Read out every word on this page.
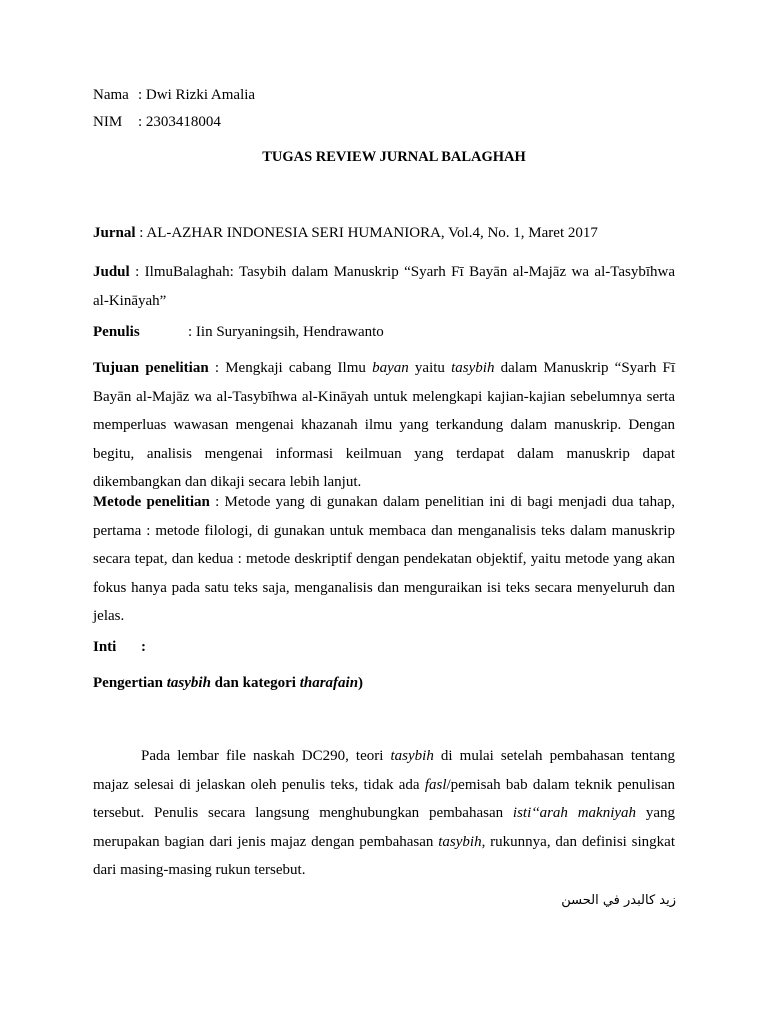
Nama : Dwi Rizki Amalia
NIM : 2303418004
TUGAS REVIEW JURNAL BALAGHAH
Jurnal : AL-AZHAR INDONESIA SERI HUMANIORA, Vol.4, No. 1, Maret 2017

Judul : IlmuBalaghah: Tasybih dalam Manuskrip “Syarh Fī Bayān al-Majāz wa al-Tasybīhwa al-Kināyah”

Penulis	: Iin Suryaningsih, Hendrawanto

Tujuan penelitian : Mengkaji cabang Ilmu bayan yaitu tasybih dalam Manuskrip “Syarh Fī Bayān al-Majāz wa al-Tasybīhwa al-Kināyah untuk melengkapi kajian-kajian sebelumnya serta memperluas wawasan mengenai khazanah ilmu yang terkandung dalam manuskrip. Dengan begitu, analisis mengenai informasi keilmuan yang terdapat dalam manuskrip dapat dikembangkan dan dikaji secara lebih lanjut.

Metode penelitian : Metode yang di gunakan dalam penelitian ini di bagi menjadi dua tahap, pertama : metode filologi, di gunakan untuk membaca dan menganalisis teks dalam manuskrip secara tepat, dan kedua : metode deskriptif dengan pendekatan objektif, yaitu metode yang akan fokus hanya pada satu teks saja, menganalisis dan menguraikan isi teks secara menyeluruh dan jelas.

Inti :
Pengertian tasybih dan kategori tharafain)

Pada lembar file naskah DC290, teori tasybih di mulai setelah pembahasan tentang majaz selesai di jelaskan oleh penulis teks, tidak ada fasl/pemisah bab dalam teknik penulisan tersebut. Penulis secara langsung menghubungkan pembahasan isti‘‘arah makniyah yang merupakan bagian dari jenis majaz dengan pembahasan tasybih, rukunnya, dan definisi singkat dari masing-masing rukun tersebut.

زيد كالبدر في الحسن
